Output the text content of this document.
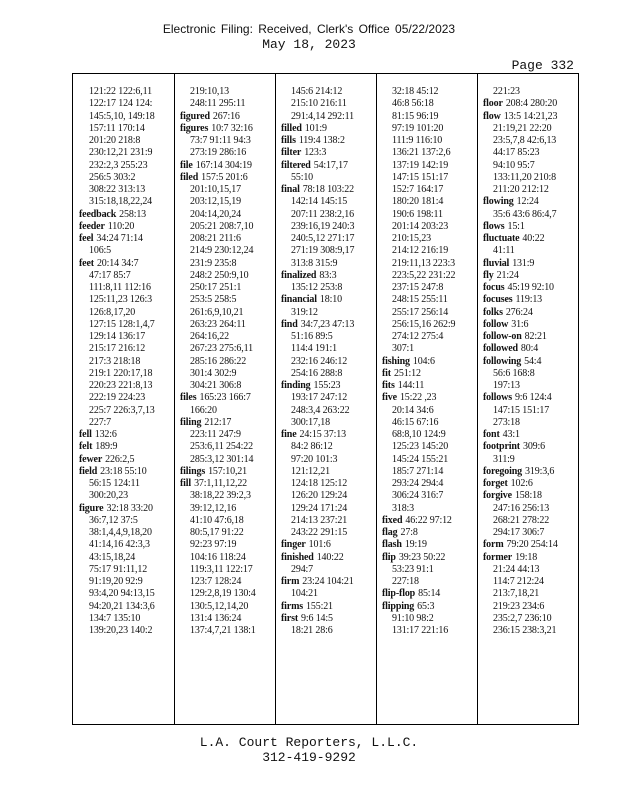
Electronic Filing: Received, Clerk's Office 05/22/2023
May 18, 2023
Page 332
121:22 122:6,11
122:17 124 124:
145:5,10, 149:18
157:11 170:14
201:20 218:8
230:12,21 231:9
232:2,3 255:23
256:5 303:2
308:22 313:13
315:18,18,22,24
feedback 258:13
feeder 110:20
feel 34:24 71:14
106:5
feet 20:14 34:7
47:17 85:7
111:8,11 112:16
125:11,23 126:3
126:8,17,20
127:15 128:1,4,7
129:14 136:17
215:17 216:12
217:3 218:18
219:1 220:17,18
220:23 221:8,13
222:19 224:23
225:7 226:3,7,13
227:7
fell 132:6
felt 189:9
fewer 226:2,5
field 23:18 55:10
56:15 124:11
300:20,23
figure 32:18 33:20
36:7,12 37:5
38:1,4,4,9,18,20
41:14,16 42:3,3
43:15,18,24
75:17 91:11,12
91:19,20 92:9
93:4,20 94:13,15
94:20,21 134:3,6
134:7 135:10
139:20,23 140:2
219:10,13
248:11 295:11
figured 267:16
figures 10:7 32:16
73:7 91:11 94:3
273:19 286:16
file 167:14 304:19
filed 157:5 201:6
201:10,15,17
203:12,15,19
204:14,20,24
205:21 208:7,10
208:21 211:6
214:9 230:12,24
231:9 235:8
248:2 250:9,10
250:17 251:1
253:5 258:5
261:6,9,10,21
263:23 264:11
264:16,22
267:23 275:6,11
285:16 286:22
301:4 302:9
304:21 306:8
files 165:23 166:7
166:20
filing 212:17
223:11 247:9
253:6,11 254:22
285:3,12 301:14
filings 157:10,21
fill 37:1,11,12,22
38:18,22 39:2,3
39:12,12,16
41:10 47:6,18
80:5,17 91:22
92:23 97:19
104:16 118:24
119:3,11 122:17
123:7 128:24
129:2,8,19 130:4
130:5,12,14,20
131:4 136:24
137:4,7,21 138:1
145:6 214:12
215:10 216:11
291:4,14 292:11
filled 101:9
fills 119:4 138:2
filter 123:3
filtered 54:17,17
55:10
final 78:18 103:22
142:14 145:15
207:11 238:2,16
239:16,19 240:3
240:5,12 271:17
271:19 308:9,17
313:8 315:9
finalized 83:3
135:12 253:8
financial 18:10
319:12
find 34:7,23 47:13
51:16 89:5
114:4 191:1
232:16 246:12
254:16 288:8
finding 155:23
193:17 247:12
248:3,4 263:22
300:17,18
fine 24:15 37:13
84:2 86:12
97:20 101:3
121:12,21
124:18 125:12
126:20 129:24
129:24 171:24
214:13 237:21
243:22 291:15
finger 101:6
finished 140:22
294:7
firm 23:24 104:21
104:21
firms 155:21
first 9:6 14:5
18:21 28:6
32:18 45:12
46:8 56:18
81:15 96:19
97:19 101:20
111:9 116:10
136:21 137:2,6
137:19 142:19
147:15 151:17
152:7 164:17
180:20 181:4
190:6 198:11
201:14 203:23
210:15,23
214:12 216:19
219:11,13 223:3
223:5,22 231:22
237:15 247:8
248:15 255:11
255:17 256:14
256:15,16 262:9
274:12 275:4
307:1
fishing 104:6
fit 251:12
fits 144:11
five 15:22 ,23
20:14 34:6
46:15 67:16
68:8,10 124:9
125:23 145:20
145:24 155:21
185:7 271:14
293:24 294:4
306:24 316:7
318:3
fixed 46:22 97:12
flag 27:8
flash 19:19
flip 39:23 50:22
53:23 91:1
227:18
flip-flop 85:14
flipping 65:3
91:10 98:2
131:17 221:16
221:23
floor 208:4 280:20
flow 13:5 14:21,23
21:19,21 22:20
23:5,7,8 42:6,13
44:17 85:23
94:10 95:7
133:11,20 210:8
211:20 212:12
flowing 12:24
35:6 43:6 86:4,7
flows 15:1
fluctuate 40:22
41:11
fluvial 131:9
fly 21:24
focus 45:19 92:10
focuses 119:13
folks 276:24
follow 31:6
follow-on 82:21
followed 80:4
following 54:4
56:6 168:8
197:13
follows 9:6 124:4
147:15 151:17
273:18
font 43:1
footprint 309:6
311:9
foregoing 319:3,6
forget 102:6
forgive 158:18
247:16 256:13
268:21 278:22
294:17 306:7
form 79:20 254:14
former 19:18
21:24 44:13
114:7 212:24
213:7,18,21
219:23 234:6
235:2,7 236:10
236:15 238:3,21
L.A. Court Reporters, L.L.C.
312-419-9292
